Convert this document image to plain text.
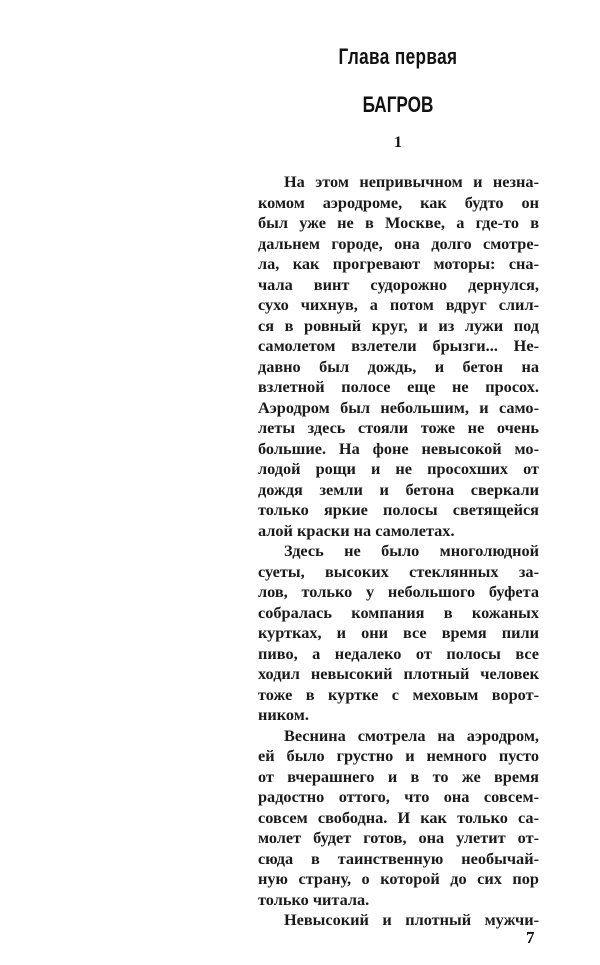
Глава первая
БАГРОВ
1
На этом непривычном и незна-
комом аэродроме, как будто он
был уже не в Москве, а где-то в
дальнем городе, она долго смотре-
ла, как прогревают моторы: сна-
чала винт судорожно дернулся,
сухо чихнув, а потом вдруг слил-
ся в ровный круг, и из лужи под
самолетом взлетели брызги... Не-
давно был дождь, и бетон на
взлетной полосе еще не просох.
Аэродром был небольшим, и само-
леты здесь стояли тоже не очень
большие. На фоне невысокой мо-
лодой рощи и не просохших от
дождя земли и бетона сверкали
только яркие полосы светящейся
алой краски на самолетах.
Здесь не было многолюдной
суеты, высоких стеклянных за-
лов, только у небольшого буфета
собралась компания в кожаных
куртках, и они все время пили
пиво, а недалеко от полосы все
ходил невысокий плотный человек
тоже в куртке с меховым ворот-
ником.
Веснина смотрела на аэродром,
ей было грустно и немного пусто
от вчерашнего и в то же время
радостно оттого, что она совсем-
совсем свободна. И как только са-
молет будет готов, она улетит от-
сюда в таинственную необычай-
ную страну, о которой до сих пор
только читала.
Невысокий и плотный мужчи-
7
